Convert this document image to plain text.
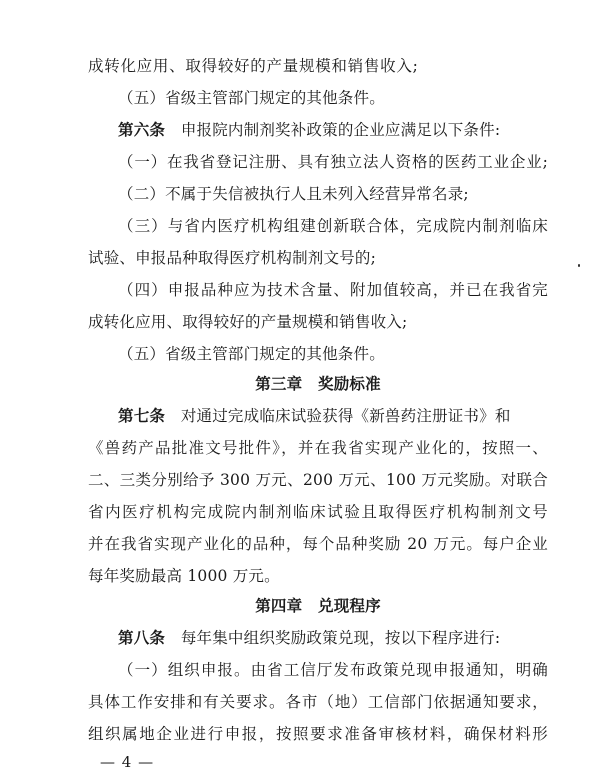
成转化应用、取得较好的产量规模和销售收入;
（五）省级主管部门规定的其他条件。
第六条　 申报院内制剂奖补政策的企业应满足以下条件:
（一）在我省登记注册、具有独立法人资格的医药工业企业;
（二）不属于失信被执行人且未列入经营异常名录;
（三）与省内医疗机构组建创新联合体，完成院内制剂临床
试验、申报品种取得医疗机构制剂文号的;
（四）申报品种应为技术含量、附加值较高，并已在我省完
成转化应用、取得较好的产量规模和销售收入;
（五）省级主管部门规定的其他条件。
第三章　奖励标准
第七条　 对通过完成临床试验获得《新兽药注册证书》和
《兽药产品批准文号批件》，并在我省实现产业化的，按照一、
二、三类分别给予 300 万元、200 万元、100 万元奖励。对联合
省内医疗机构完成院内制剂临床试验且取得医疗机构制剂文号
并在我省实现产业化的品种，每个品种奖励 20 万元。每户企业
每年奖励最高 1000 万元。
第四章　兑现程序
第八条　 每年集中组织奖励政策兑现，按以下程序进行:
（一）组织申报。由省工信厅发布政策兑现申报通知，明确
具体工作安排和有关要求。各市（地）工信部门依据通知要求，
组织属地企业进行申报，按照要求准备审核材料，确保材料形
— 4 —
